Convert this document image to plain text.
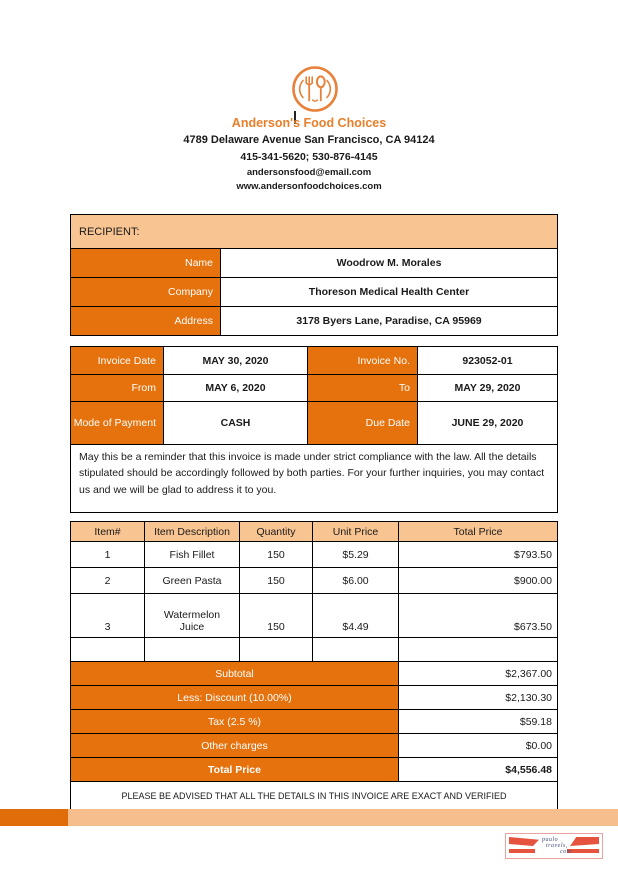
Anderson's Food Choices
4789 Delaware Avenue San Francisco, CA 94124
415-341-5620; 530-876-4145
andersonsfood@email.com
www.andersonfoodchoices.com
RECIPIENT:	
Name	Woodrow M. Morales
Company	Thoreson Medical Health Center
Address	3178 Byers Lane, Paradise, CA 95969
Invoice Date	MAY 30, 2020	Invoice No.	923052-01
From	MAY 6, 2020	To	MAY 29, 2020
Mode of Payment	CASH	Due Date	JUNE 29, 2020
May this be a reminder that this invoice is made under strict compliance with the law. All the details stipulated should be accordingly followed by both parties. For your further inquiries, you may contact us and we will be glad to address it to you.			
Item#	Item Description	Quantity	Unit Price	Total Price
1	Fish Fillet	150	$5.29	$793.50
2	Green Pasta	150	$6.00	$900.00
3	Watermelon Juice	150	$4.49	$673.50

Subtotal				$2,367.00
Less: Discount (10.00%)				$2,130.30
Tax (2.5 %)				$59.18
Other charges				$0.00
Total Price				$4,556.48
PLEASE BE ADVISED THAT ALL THE DETAILS IN THIS INVOICE ARE EXACT AND VERIFIED				
paulo
travels,
com
